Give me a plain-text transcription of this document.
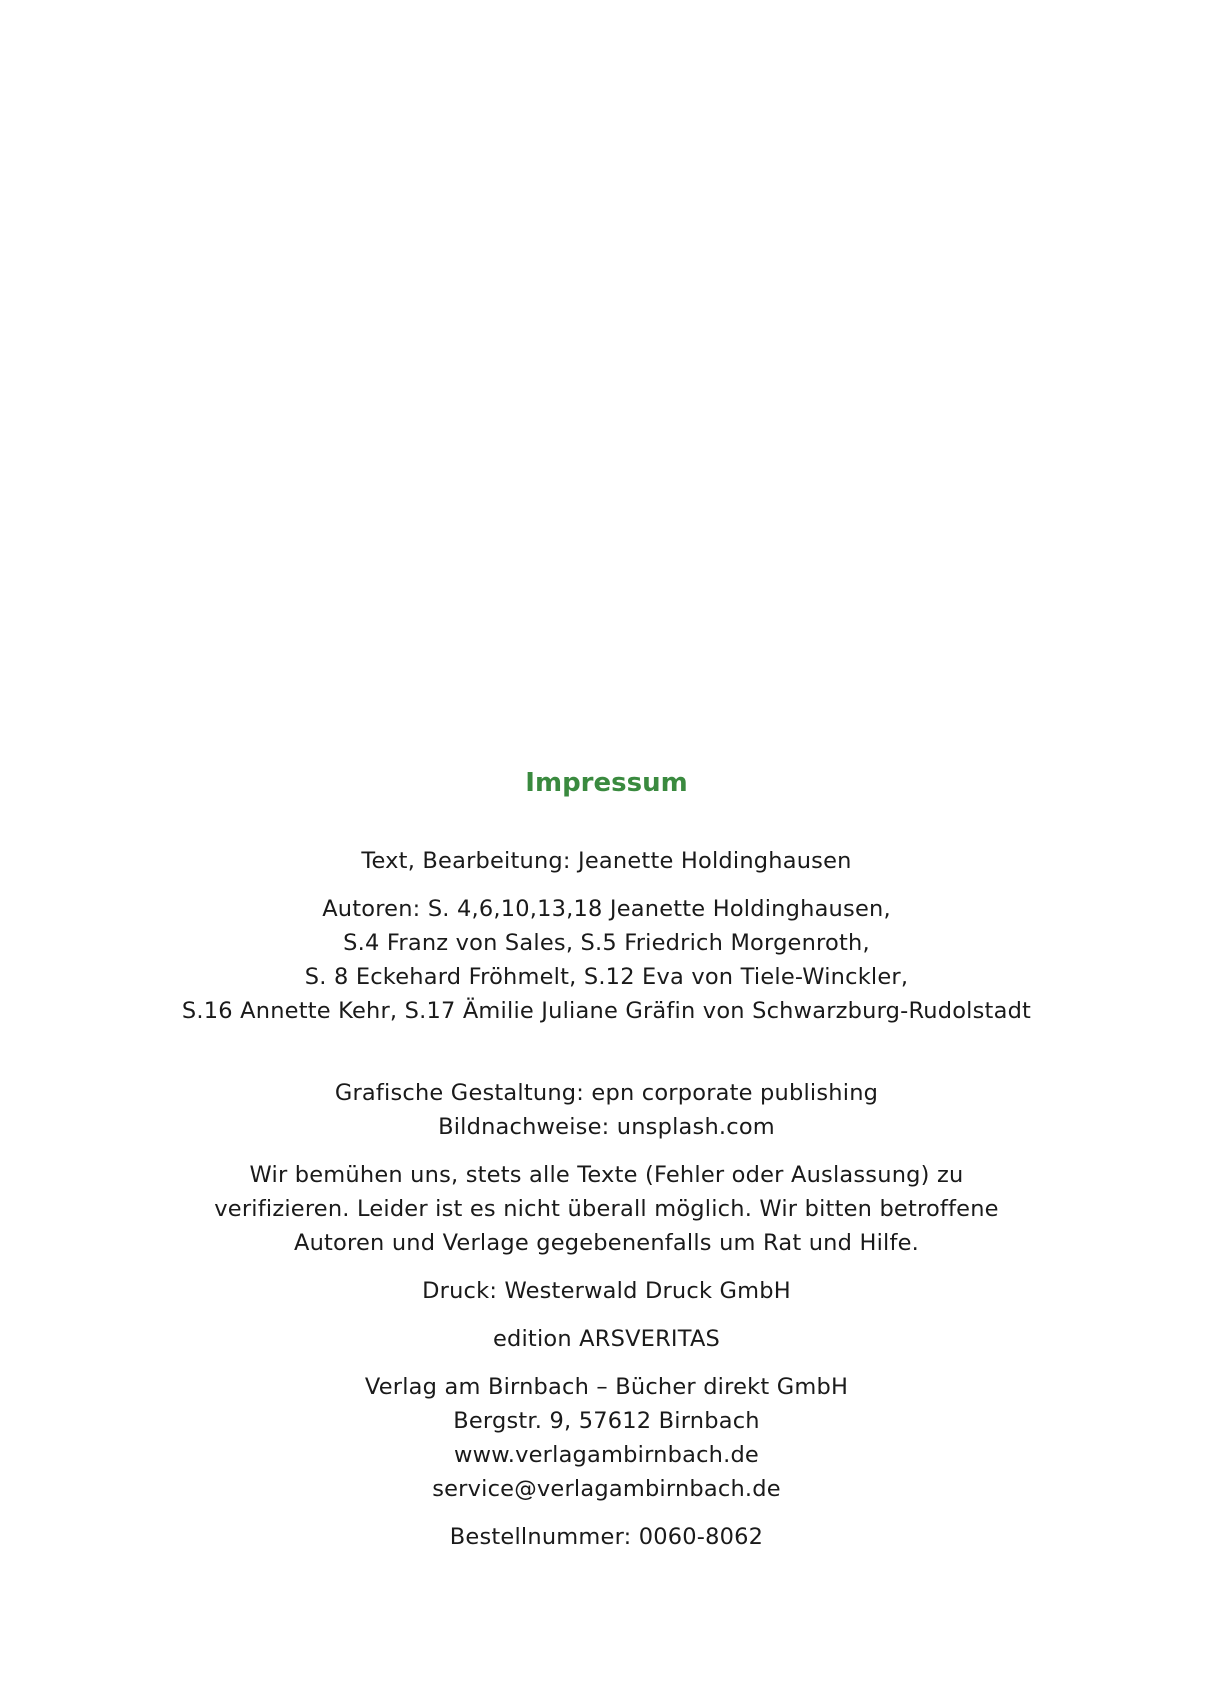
Impressum

Text, Bearbeitung: Jeanette Holdinghausen

Autoren: S. 4,6,10,13,18 Jeanette Holdinghausen,
S.4 Franz von Sales, S.5 Friedrich Morgenroth,
S. 8 Eckehard Fröhmelt, S.12 Eva von Tiele-Winckler,
S.16 Annette Kehr, S.17 Ämilie Juliane Gräfin von Schwarzburg-Rudolstadt

Grafische Gestaltung: epn corporate publishing
Bildnachweise: unsplash.com

Wir bemühen uns, stets alle Texte (Fehler oder Auslassung) zu
verifizieren. Leider ist es nicht überall möglich. Wir bitten betroffene
Autoren und Verlage gegebenenfalls um Rat und Hilfe.

Druck: Westerwald Druck GmbH

edition ARSVERITAS

Verlag am Birnbach – Bücher direkt GmbH
Bergstr. 9, 57612 Birnbach
www.verlagambirnbach.de
service@verlagambirnbach.de

Bestellnummer: 0060-8062
